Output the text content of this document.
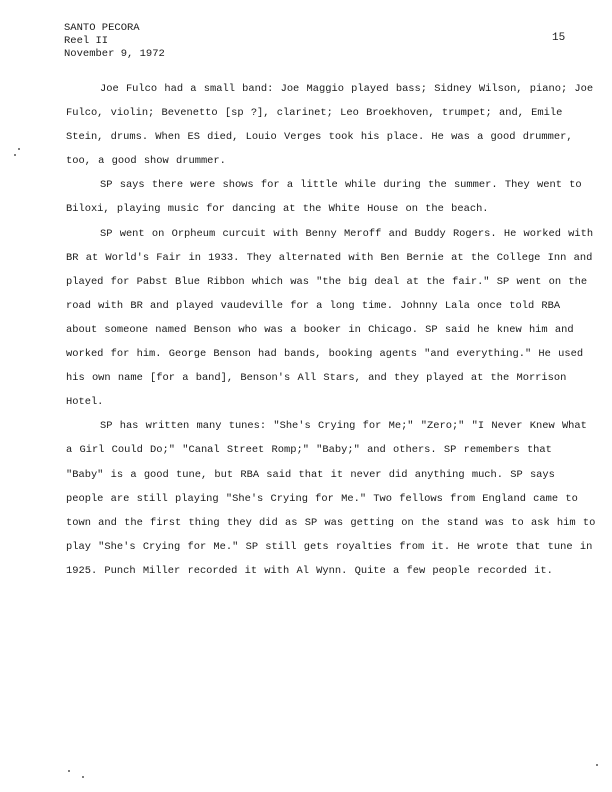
SANTO PECORA
Reel II
November 9, 1972
15

Joe Fulco had a small band: Joe Maggio played bass; Sidney Wilson, piano; Joe Fulco, violin; Bevenetto [sp ?], clarinet; Leo Broekhoven, trumpet; and, Emile Stein, drums. When ES died, Louio Verges took his place. He was a good drummer, too, a good show drummer.

SP says there were shows for a little while during the summer. They went to Biloxi, playing music for dancing at the White House on the beach.

SP went on Orpheum curcuit with Benny Meroff and Buddy Rogers. He worked with BR at World's Fair in 1933. They alternated with Ben Bernie at the College Inn and played for Pabst Blue Ribbon which was "the big deal at the fair." SP went on the road with BR and played vaudeville for a long time. Johnny Lala once told RBA about someone named Benson who was a booker in Chicago. SP said he knew him and worked for him. George Benson had bands, booking agents "and everything." He used his own name [for a band], Benson's All Stars, and they played at the Morrison Hotel.

SP has written many tunes: "She's Crying for Me;" "Zero;" "I Never Knew What a Girl Could Do;" "Canal Street Romp;" "Baby;" and others. SP remembers that "Baby" is a good tune, but RBA said that it never did anything much. SP says people are still playing "She's Crying for Me." Two fellows from England came to town and the first thing they did as SP was getting on the stand was to ask him to play "She's Crying for Me." SP still gets royalties from it. He wrote that tune in 1925. Punch Miller recorded it with Al Wynn. Quite a few people recorded it.
